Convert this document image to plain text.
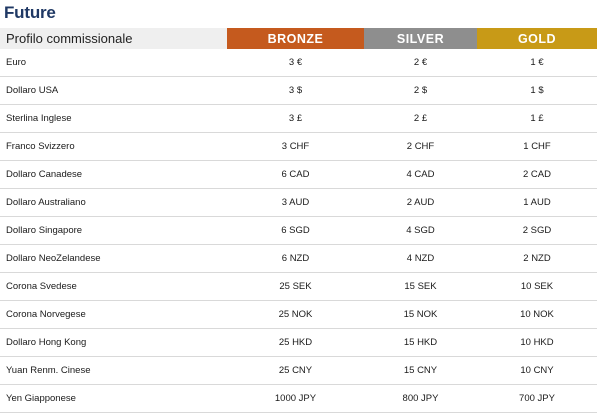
Future
Profilo commissionale	BRONZE	SILVER	GOLD
Euro	3 €	2 €	1 €
Dollaro USA	3 $	2 $	1 $
Sterlina Inglese	3 £	2 £	1 £
Franco Svizzero	3 CHF	2 CHF	1 CHF
Dollaro Canadese	6 CAD	4 CAD	2 CAD
Dollaro Australiano	3 AUD	2 AUD	1 AUD
Dollaro Singapore	6 SGD	4 SGD	2 SGD
Dollaro NeoZelandese	6 NZD	4 NZD	2 NZD
Corona Svedese	25 SEK	15 SEK	10 SEK
Corona Norvegese	25 NOK	15 NOK	10 NOK
Dollaro Hong Kong	25 HKD	15 HKD	10 HKD
Yuan Renm. Cinese	25 CNY	15 CNY	10 CNY
Yen Giapponese	1000 JPY	800 JPY	700 JPY
